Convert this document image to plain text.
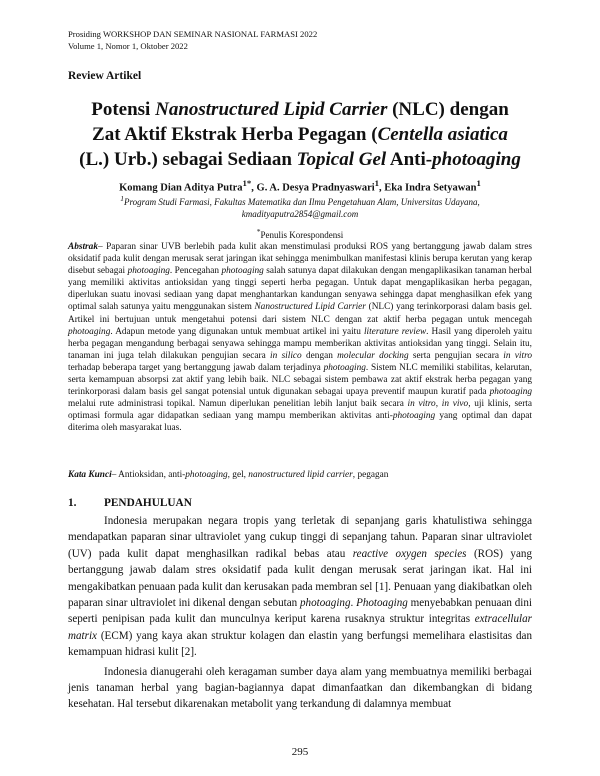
Prosiding WORKSHOP DAN SEMINAR NASIONAL FARMASI 2022
Volume 1, Nomor 1, Oktober 2022
Review Artikel
Potensi Nanostructured Lipid Carrier (NLC) dengan
Zat Aktif Ekstrak Herba Pegagan (Centella asiatica
(L.) Urb.) sebagai Sediaan Topical Gel Anti-photoaging
Komang Dian Aditya Putra$^{1*}$, G. A. Desya Pradnyaswari$^1$, Eka Indra Setyawan$^1$
$^1$Program Studi Farmasi, Fakultas Matematika dan Ilmu Pengetahuan Alam, Universitas Udayana,
kmadityaputra2854@gmail.com
*Penulis Korespondensi

Abstrak– Paparan sinar UVB berlebih pada kulit akan menstimulasi produksi ROS yang bertanggung jawab dalam stres oksidatif pada kulit dengan merusak serat jaringan ikat sehingga menimbulkan manifestasi klinis berupa kerutan yang kerap disebut sebagai photoaging. Pencegahan photoaging salah satunya dapat dilakukan dengan mengaplikasikan tanaman herbal yang memiliki aktivitas antioksidan yang tinggi seperti herba pegagan. Untuk dapat mengaplikasikan herba pegagan, diperlukan suatu inovasi sediaan yang dapat menghantarkan kandungan senyawa sehingga dapat menghasilkan efek yang optimal salah satunya yaitu menggunakan sistem Nanostructured Lipid Carrier (NLC) yang terinkorporasi dalam basis gel. Artikel ini bertujuan untuk mengetahui potensi dari sistem NLC dengan zat aktif herba pegagan untuk mencegah photoaging. Adapun metode yang digunakan untuk membuat artikel ini yaitu literature review. Hasil yang diperoleh yaitu herba pegagan mengandung berbagai senyawa sehingga mampu memberikan aktivitas antioksidan yang tinggi. Selain itu, tanaman ini juga telah dilakukan pengujian secara in silico dengan molecular docking serta pengujian secara in vitro terhadap beberapa target yang bertanggung jawab dalam terjadinya photoaging. Sistem NLC memiliki stabilitas, kelarutan, serta kemampuan absorpsi zat aktif yang lebih baik. NLC sebagai sistem pembawa zat aktif ekstrak herba pegagan yang terinkorporasi dalam basis gel sangat potensial untuk digunakan sebagai upaya preventif maupun kuratif pada photoaging melalui rute administrasi topikal. Namun diperlukan penelitian lebih lanjut baik secara in vitro, in vivo, uji klinis, serta optimasi formula agar didapatkan sediaan yang mampu memberikan aktivitas anti-photoaging yang optimal dan dapat diterima oleh masyarakat luas.

Kata Kunci– Antioksidan, anti-photoaging, gel, nanostructured lipid carrier, pegagan

1. PENDAHULUAN

Indonesia merupakan negara tropis yang terletak di sepanjang garis khatulistiwa sehingga mendapatkan paparan sinar ultraviolet yang cukup tinggi di sepanjang tahun. Paparan sinar ultraviolet (UV) pada kulit dapat menghasilkan radikal bebas atau reactive oxygen species (ROS) yang bertanggung jawab dalam stres oksidatif pada kulit dengan merusak serat jaringan ikat. Hal ini mengakibatkan penuaan pada kulit dan kerusakan pada membran sel [1]. Penuaan yang diakibatkan oleh paparan sinar ultraviolet ini dikenal dengan sebutan photoaging. Photoaging menyebabkan penuaan dini seperti penipisan pada kulit dan munculnya keriput karena rusaknya struktur integritas extracellular matrix (ECM) yang kaya akan struktur kolagen dan elastin yang berfungsi memelihara elastisitas dan kemampuan hidrasi kulit [2].

Indonesia dianugerahi oleh keragaman sumber daya alam yang membuatnya memiliki berbagai jenis tanaman herbal yang bagian-bagiannya dapat dimanfaatkan dan dikembangkan di bidang kesehatan. Hal tersebut dikarenakan metabolit yang terkandung di dalamnya membuat

295
